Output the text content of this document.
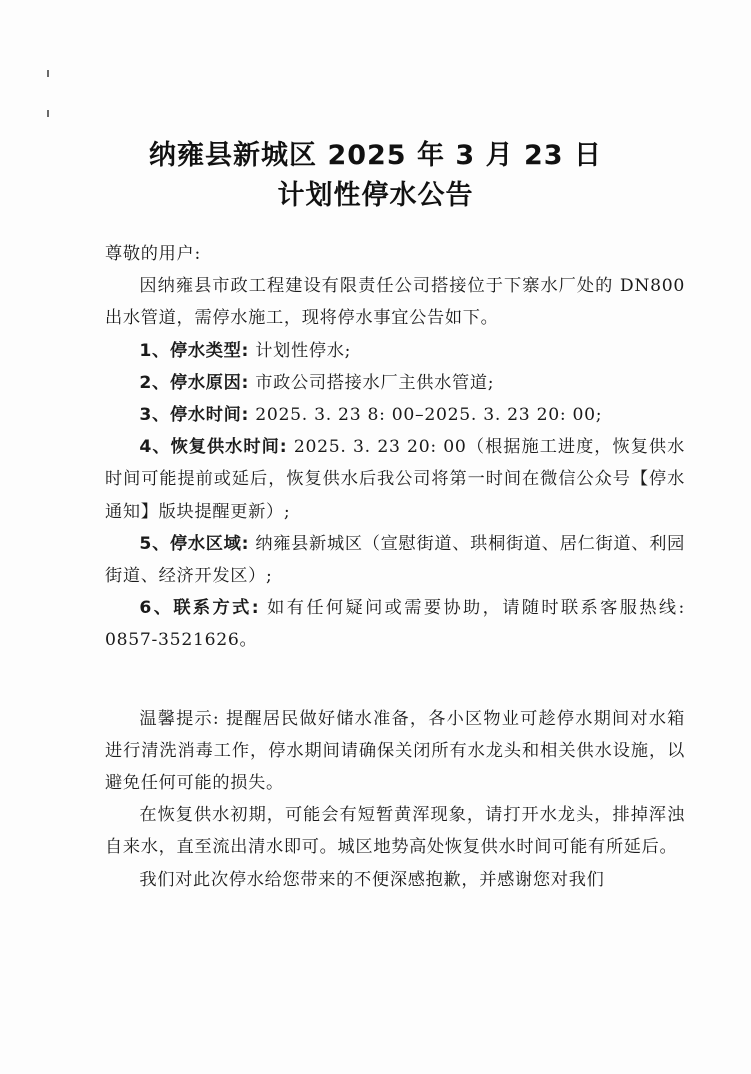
纳雍县新城区 2025 年 3 月 23 日
计划性停水公告

尊敬的用户:

因纳雍县市政工程建设有限责任公司搭接位于下寨水厂处的 DN800 出水管道，需停水施工，现将停水事宜公告如下。

1、停水类型: 计划性停水;

2、停水原因: 市政公司搭接水厂主供水管道;

3、停水时间: 2025. 3. 23 8: 00–2025. 3. 23 20: 00;

4、恢复供水时间: 2025. 3. 23 20: 00（根据施工进度，恢复供水时间可能提前或延后，恢复供水后我公司将第一时间在微信公众号【停水通知】版块提醒更新）;

5、停水区域: 纳雍县新城区（宣慰街道、珙桐街道、居仁街道、利园街道、经济开发区）;

6、联系方式: 如有任何疑问或需要协助，请随时联系客服热线: 0857-3521626。

温馨提示: 提醒居民做好储水准备，各小区物业可趁停水期间对水箱进行清洗消毒工作，停水期间请确保关闭所有水龙头和相关供水设施，以避免任何可能的损失。

在恢复供水初期，可能会有短暂黄浑现象，请打开水龙头，排掉浑浊自来水，直至流出清水即可。城区地势高处恢复供水时间可能有所延后。

我们对此次停水给您带来的不便深感抱歉，并感谢您对我们
